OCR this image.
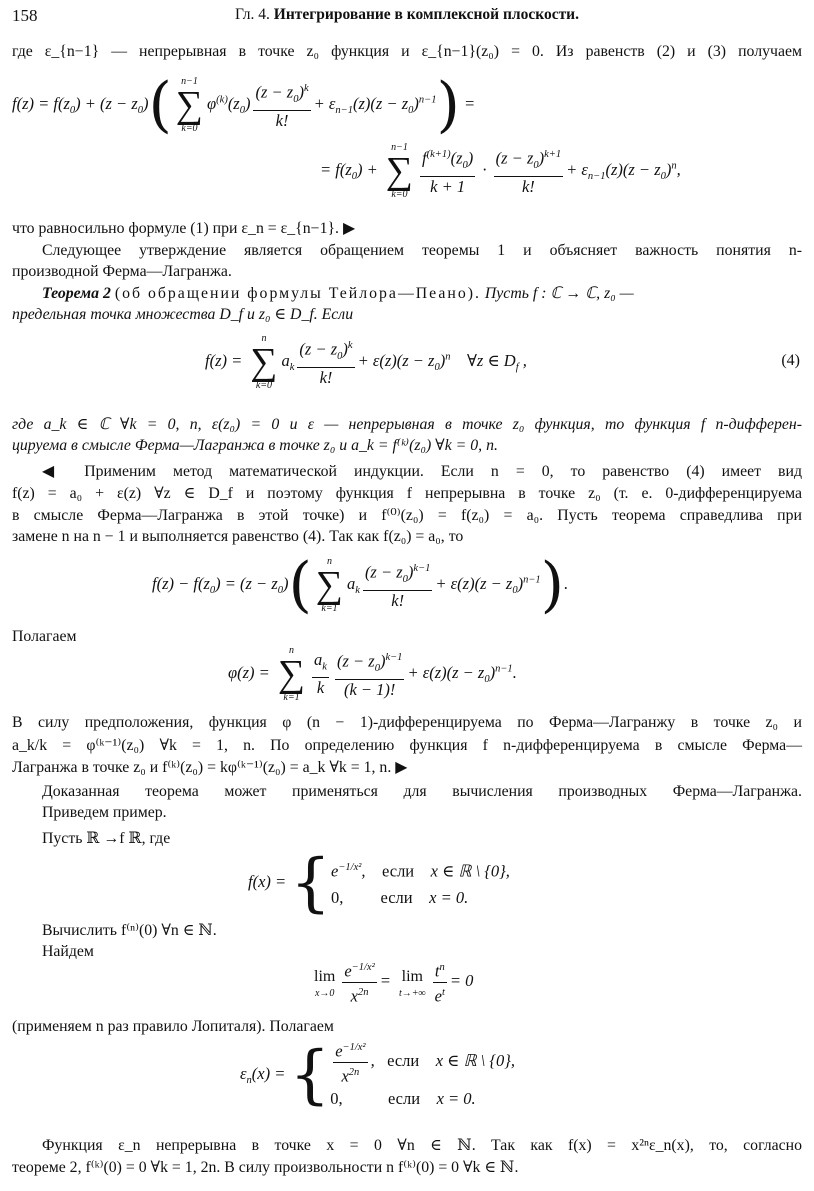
158	Гл. 4. Интегрирование в комплексной плоскости.
где ε_{n−1} — непрерывная в точке z₀ функция и ε_{n−1}(z₀) = 0. Из равенств (2) и (3) получаем
$f(z) = f(z_0) + (z - z_0)$( n−1
∑
k=0
$\varphi^{(k)}(z_0) \frac{(z - z_0)^k}{k!} + \varepsilon_{n-1}(z)(z - z_0)^{n-1}$) =
= $f(z_0)$ +
n−1
∑
$k=0 \frac{f^{(k+1)}(z_0)}{k + 1} \cdot \frac{(z - z_0)^{k+1}}{k!} + \varepsilon_{n-1}(z)(z - z_0)^n$,
что равносильно формуле (1) при ε_n = ε_{n−1}. ▶
Следующее утверждение является обращением теоремы 1 и объясняет важность понятия n-
производной Ферма—Лагранжа.
Теорема 2 (об обращении формулы Тейлора—Пеано). Пусть f : ℂ → ℂ, z₀ —
предельная точка множества D_f и z₀ ∈ D_f. Если
f(z) =
n
∑
k=0
$a_k \frac{(z - z_0)^k}{k!} + \varepsilon(z)(z - z_0)^n$    ∀z ∈ $D_f$ ,	(4)
где a_k ∈ ℂ ∀k = 0, n, ε(z₀) = 0 и ε — непрерывная в точке z₀ функция, то функция f n-дифферен-
цируема в смысле Ферма—Лагранжа в точке z₀ и a_k = f⁽ᵏ⁾(z₀) ∀k = 0, n.
◀ Применим метод математической индукции. Если n = 0, то равенство (4) имеет вид
f(z) = a₀ + ε(z) ∀z ∈ D_f и поэтому функция f непрерывна в точке z₀ (т. е. 0-дифференцируема
в смысле Ферма—Лагранжа в этой точке) и f⁽⁰⁾(z₀) = f(z₀) = a₀. Пусть теорема справедлива при
замене n на n − 1 и выполняется равенство (4). Так как f(z₀) = a₀, то
$f(z) - f(z_0) = (z - z_0)$(	n
∑
k=1
$a_k \frac{(z - z_0)^{k-1}}{k!} + \varepsilon(z)(z - z_0)^{n-1}$).
Полагаем
φ(z) =
n
∑
$k=1 \frac{a_k}{k} \frac{(z - z_0)^{k-1}}{(k - 1)!} + \varepsilon(z)(z - z_0)^{n-1}$.
В силу предположения, функция φ (n − 1)-дифференцируема по Ферма—Лагранжу в точке z₀ и
a_k/k = φ⁽ᵏ⁻¹⁾(z₀) ∀k = 1, n. По определению функция f n-дифференцируема в смысле Ферма—
Лагранжа в точке z₀ и f⁽ᵏ⁾(z₀) = kφ⁽ᵏ⁻¹⁾(z₀) = a_k ∀k = 1, n. ▶
Доказанная теорема может применяться для вычисления производных Ферма—Лагранжа.
Приведем пример.
Пусть ℝ →f ℝ, где
f(x) = { $e^{-1/x^2}$,    если x ∈ ℝ \ {0},
0, если x = 0.
Вычислить f⁽ⁿ⁾(0) ∀n ∈ ℕ.
Найдем
lim
$x\to 0 \frac{e^{-1/x^2}}{x^{2n}} = \lim$
$t\to+\infty \frac{t^n}{e^t} = 0$
(применяем n раз правило Лопиталя). Полагаем
$\varepsilon_n(x)$ = { $\frac{e^{-1/x^2}}{x^{2n}}$ ,   если x ∈ ℝ \ {0},
0,	если x = 0.
Функция ε_n непрерывна в точке x = 0 ∀n ∈ ℕ. Так как f(x) = x²ⁿε_n(x), то, согласно
теореме 2, f⁽ᵏ⁾(0) = 0 ∀k = 1, 2n. В силу произвольности n f⁽ᵏ⁾(0) = 0 ∀k ∈ ℕ.
